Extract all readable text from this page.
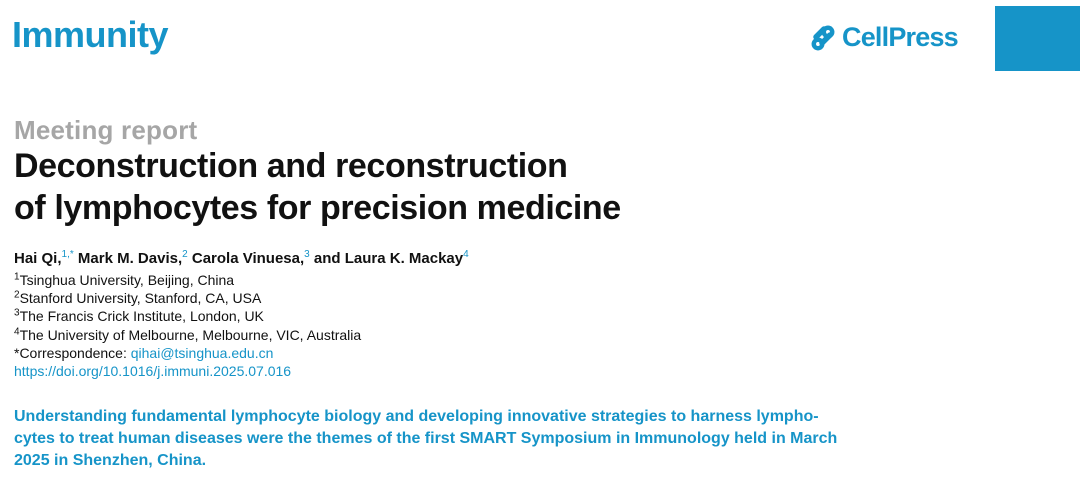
Immunity	CellPress
Meeting report
Deconstruction and reconstruction
of lymphocytes for precision medicine
Hai Qi,$^{1,*}$ Mark M. Davis,$^2$ Carola Vinuesa,$^3$ and Laura K. Mackay$^4$
$^1$Tsinghua University, Beijing, China
$^2$Stanford University, Stanford, CA, USA
$^3$The Francis Crick Institute, London, UK
$^4$The University of Melbourne, Melbourne, VIC, Australia
*Correspondence: qihai@tsinghua.edu.cn
https://doi.org/10.1016/j.immuni.2025.07.016

Understanding fundamental lymphocyte biology and developing innovative strategies to harness lympho-
cytes to treat human diseases were the themes of the first SMART Symposium in Immunology held in March
2025 in Shenzhen, China.
